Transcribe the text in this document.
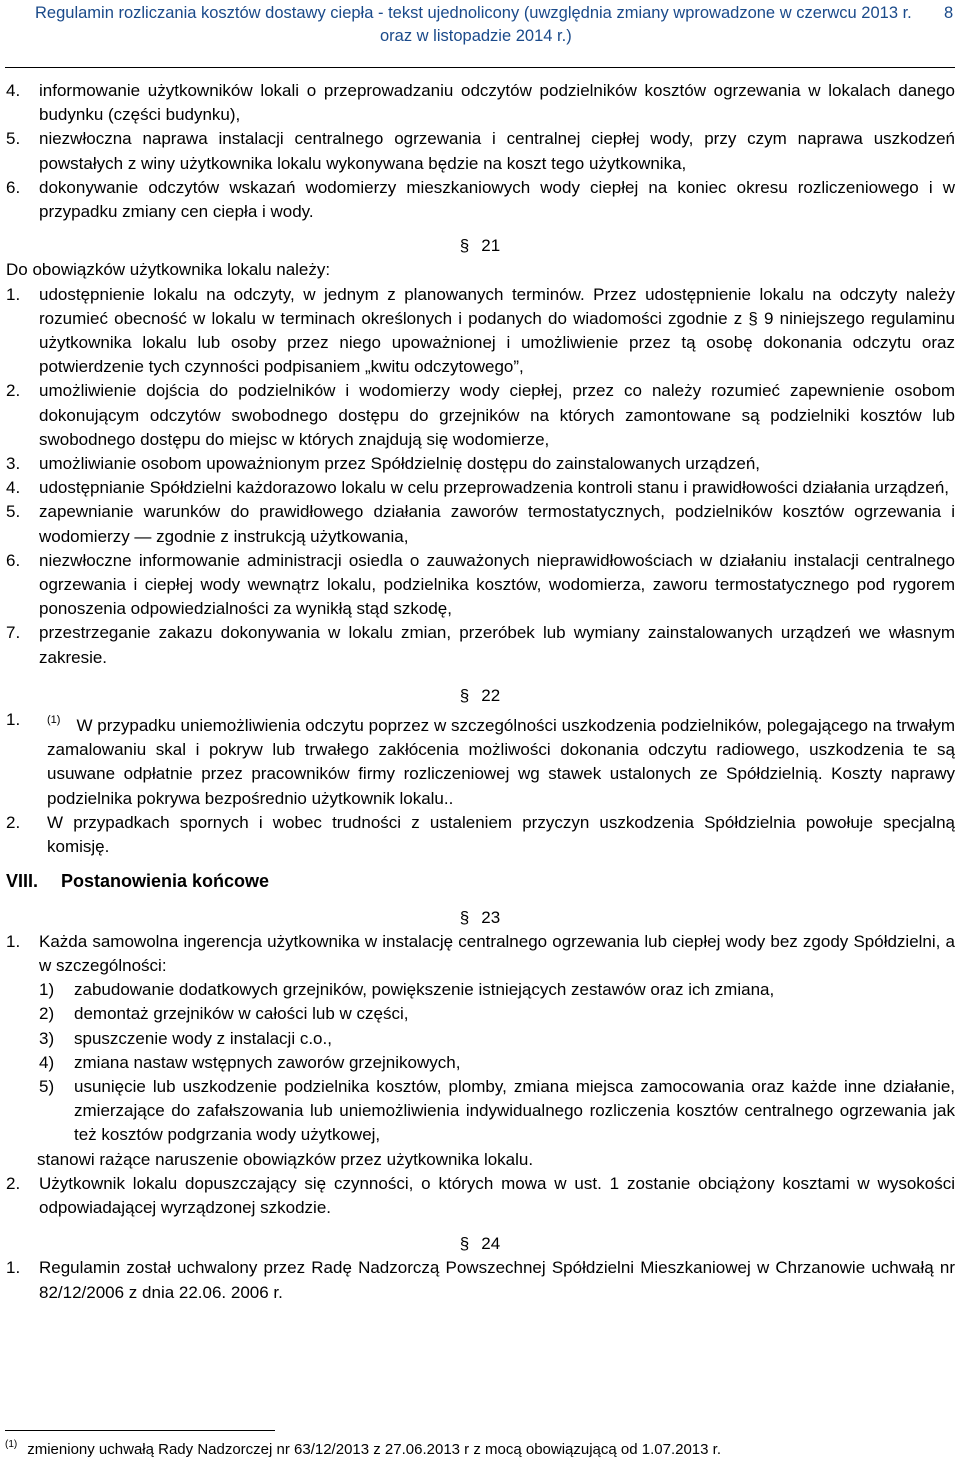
Regulamin rozliczania kosztów dostawy ciepła - tekst ujednolicony (uwzględnia zmiany wprowadzone w czerwcu 2013 r.
oraz w listopadzie 2014 r.)
8
4. informowanie użytkowników lokali o przeprowadzaniu odczytów podzielników kosztów ogrzewania w lokalach danego budynku (części budynku),
5. niezwłoczna naprawa instalacji centralnego ogrzewania i centralnej ciepłej wody, przy czym naprawa uszkodzeń powstałych z winy użytkownika lokalu wykonywana będzie na koszt tego użytkownika,
6. dokonywanie odczytów wskazań wodomierzy mieszkaniowych wody ciepłej na koniec okresu rozliczeniowego i w przypadku zmiany cen ciepła i wody.
§ 21
Do obowiązków użytkownika lokalu należy:
1. udostępnienie lokalu na odczyty, w jednym z planowanych terminów. Przez udostępnienie lokalu na odczyty należy rozumieć obecność w lokalu w terminach określonych i podanych do wiadomości zgodnie z § 9 niniejszego regulaminu użytkownika lokalu lub osoby przez niego upoważnionej i umożliwienie przez tą osobę dokonania odczytu oraz potwierdzenie tych czynności podpisaniem „kwitu odczytowego”,
2. umożliwienie dojścia do podzielników i wodomierzy wody ciepłej, przez co należy rozumieć zapewnienie osobom dokonującym odczytów swobodnego dostępu do grzejników na których zamontowane są podzielniki kosztów lub swobodnego dostępu do miejsc w których znajdują się wodomierze,
3. umożliwianie osobom upoważnionym przez Spółdzielnię dostępu do zainstalowanych urządzeń,
4. udostępnianie Spółdzielni każdorazowo lokalu w celu przeprowadzenia kontroli stanu i prawidłowości działania urządzeń,
5. zapewnianie warunków do prawidłowego działania zaworów termostatycznych, podzielników kosztów ogrzewania i wodomierzy — zgodnie z instrukcją użytkowania,
6. niezwłoczne informowanie administracji osiedla o zauważonych nieprawidłowościach w działaniu instalacji centralnego ogrzewania i ciepłej wody wewnątrz lokalu, podzielnika kosztów, wodomierza, zaworu termostatycznego pod rygorem ponoszenia odpowiedzialności za wynikłą stąd szkodę,
7. przestrzeganie zakazu dokonywania w lokalu zmian, przeróbek lub wymiany zainstalowanych urządzeń we własnym zakresie.
§ 22
1. $^{(1)}$ W przypadku uniemożliwienia odczytu poprzez w szczególności uszkodzenia podzielników, polegającego na trwałym zamalowaniu skal i pokryw lub trwałego zakłócenia możliwości dokonania odczytu radiowego, uszkodzenia te są usuwane odpłatnie przez pracowników firmy rozliczeniowej wg stawek ustalonych ze Spółdzielnią. Koszty naprawy podzielnika pokrywa bezpośrednio użytkownik lokalu..
2. W przypadkach spornych i wobec trudności z ustaleniem przyczyn uszkodzenia Spółdzielnia powołuje specjalną komisję.
VIII. Postanowienia końcowe
§ 23
1. Każda samowolna ingerencja użytkownika w instalację centralnego ogrzewania lub ciepłej wody bez zgody Spółdzielni, a w szczególności:
1) zabudowanie dodatkowych grzejników, powiększenie istniejących zestawów oraz ich zmiana,
2) demontaż grzejników w całości lub w części,
3) spuszczenie wody z instalacji c.o.,
4) zmiana nastaw wstępnych zaworów grzejnikowych,
5) usunięcie lub uszkodzenie podzielnika kosztów, plomby, zmiana miejsca zamocowania oraz każde inne działanie, zmierzające do zafałszowania lub uniemożliwienia indywidualnego rozliczenia kosztów centralnego ogrzewania jak też kosztów podgrzania wody użytkowej,
stanowi rażące naruszenie obowiązków przez użytkownika lokalu.
2. Użytkownik lokalu dopuszczający się czynności, o których mowa w ust. 1 zostanie obciążony kosztami w wysokości odpowiadającej wyrządzonej szkodzie.
§ 24
1. Regulamin został uchwalony przez Radę Nadzorczą Powszechnej Spółdzielni Mieszkaniowej w Chrzanowie uchwałą nr 82/12/2006 z dnia 22.06. 2006 r.
$^{(1)}$ zmieniony uchwałą Rady Nadzorczej nr 63/12/2013 z 27.06.2013 r z mocą obowiązującą od 1.07.2013 r.
